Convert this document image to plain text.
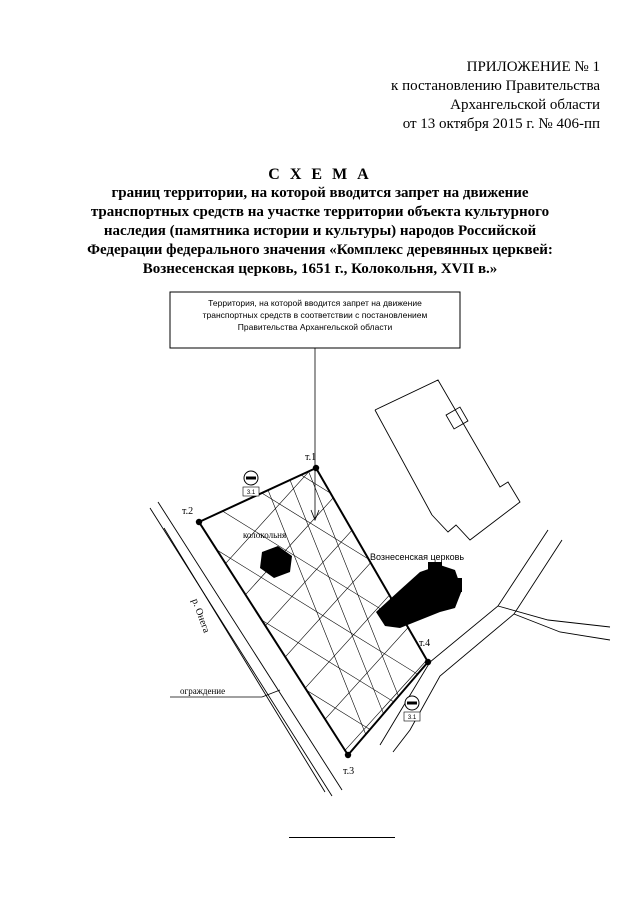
ПРИЛОЖЕНИЕ № 1
к постановлению Правительства
Архангельской области
от 13 октября 2015 г. № 406-пп
С Х Е М А
границ территории, на которой вводится запрет на движение
транспортных средств на участке территории объекта культурного
наследия (памятника истории и культуры) народов Российской
Федерации федерального значения «Комплекс деревянных церквей:
Вознесенская церковь, 1651 г., Колокольня, XVII в.»
Территория, на которой вводится запрет на движение
транспортных средств в соответствии с постановлением
Правительства Архангельской области
т.1
т.2
т.3
т.4
колокольня
Вознесенская церковь
р. Онега
ограждение
3.1
3.1
